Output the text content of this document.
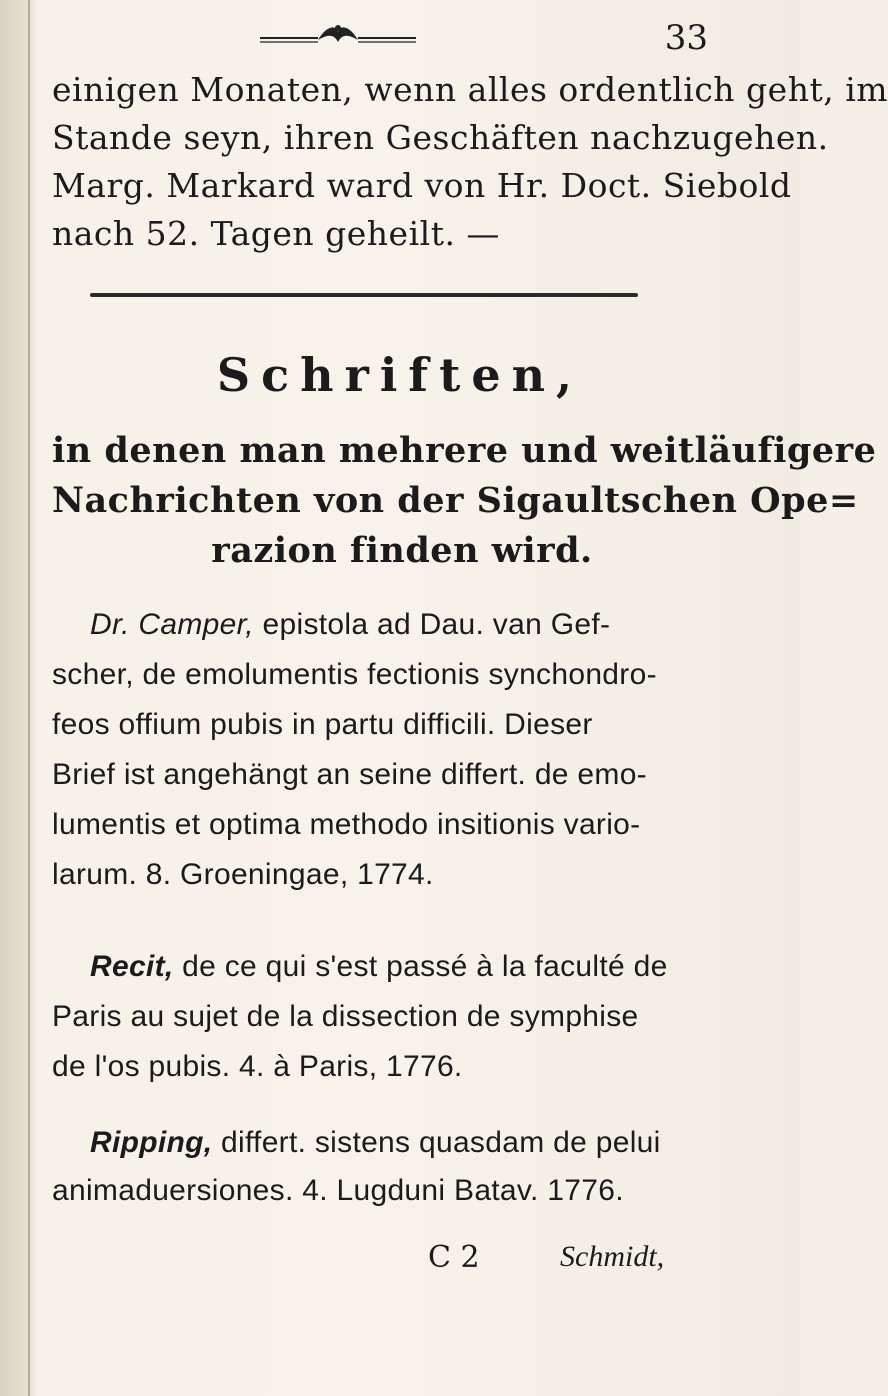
33
einigen Monaten, wenn alles ordentlich geht, im
Stande seyn, ihren Geschäften nachzugehen.
Marg. Markard ward von Hr. Doct. Siebold
nach 52. Tagen geheilt. —
Schriften,
in denen man mehrere und weitläufigere
Nachrichten von der Sigaultschen Ope=
razion finden wird.
Dr. Camper, epistola ad Dau. van Gef-
scher, de emolumentis fectionis synchondro-
feos offium pubis in partu difficili. Dieser
Brief ist angehängt an seine differt. de emo-
lumentis et optima methodo insitionis vario-
larum. 8. Groeningae, 1774.
Recit, de ce qui s'est passé à la faculté de
Paris au sujet de la dissection de symphise
de l'os pubis. 4. à Paris, 1776.
Ripping, differt. sistens quasdam de pelui
animaduersiones. 4. Lugduni Batav. 1776.
C 2	Schmidt,
